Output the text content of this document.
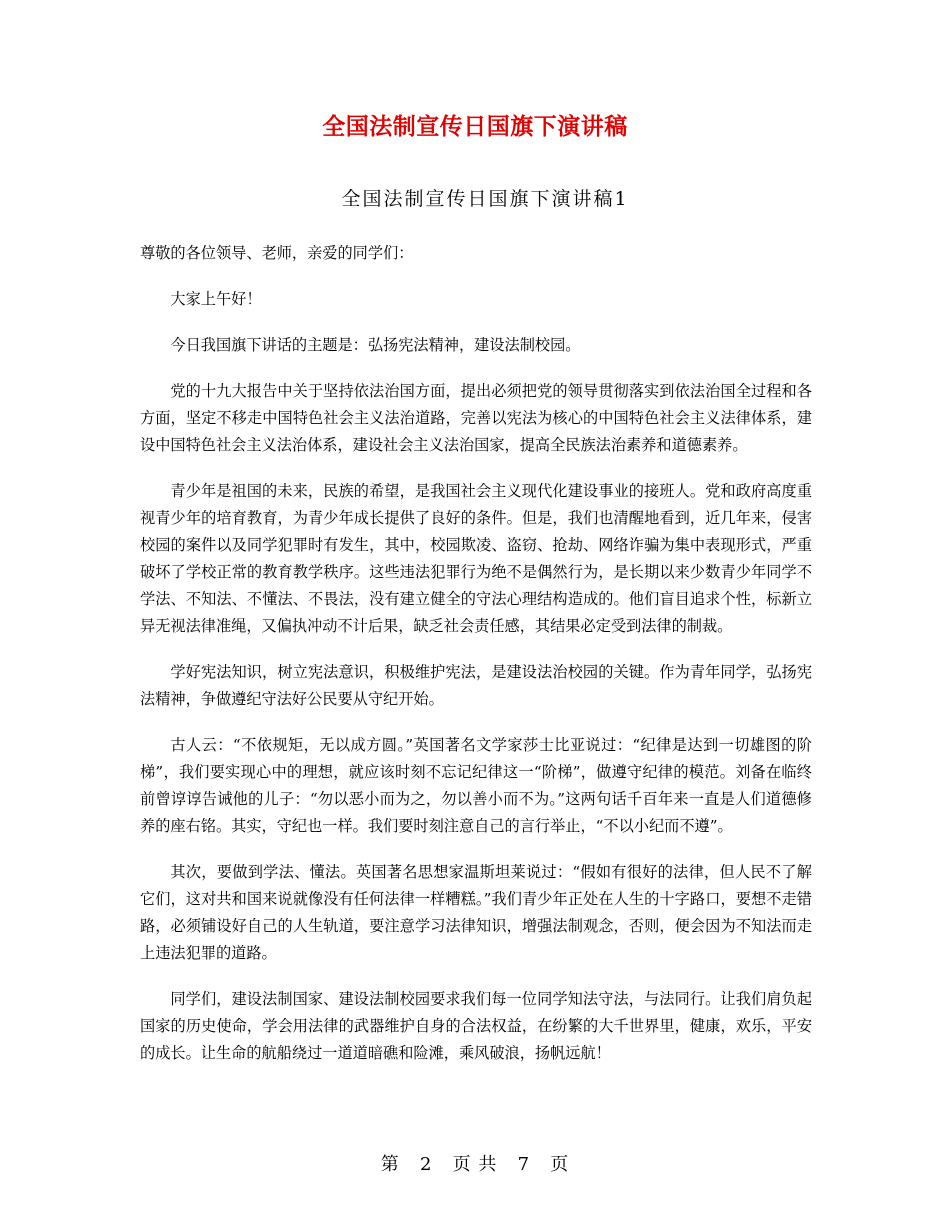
全国法制宣传日国旗下演讲稿
全国法制宣传日国旗下演讲稿1

尊敬的各位领导、老师，亲爱的同学们：

大家上午好！

今日我国旗下讲话的主题是：弘扬宪法精神，建设法制校园。

党的十九大报告中关于坚持依法治国方面，提出必须把党的领导贯彻落实到依法治国全过程和各方面，坚定不移走中国特色社会主义法治道路，完善以宪法为核心的中国特色社会主义法律体系，建设中国特色社会主义法治体系，建设社会主义法治国家，提高全民族法治素养和道德素养。

青少年是祖国的未来，民族的希望，是我国社会主义现代化建设事业的接班人。党和政府高度重视青少年的培育教育，为青少年成长提供了良好的条件。但是，我们也清醒地看到，近几年来，侵害校园的案件以及同学犯罪时有发生，其中，校园欺凌、盗窃、抢劫、网络诈骗为集中表现形式，严重破坏了学校正常的教育教学秩序。这些违法犯罪行为绝不是偶然行为，是长期以来少数青少年同学不学法、不知法、不懂法、不畏法，没有建立健全的守法心理结构造成的。他们盲目追求个性，标新立异无视法律准绳，又偏执冲动不计后果，缺乏社会责任感，其结果必定受到法律的制裁。

学好宪法知识，树立宪法意识，积极维护宪法，是建设法治校园的关键。作为青年同学，弘扬宪法精神，争做遵纪守法好公民要从守纪开始。

古人云：“不依规矩，无以成方圆。”英国著名文学家莎士比亚说过：“纪律是达到一切雄图的阶梯”，我们要实现心中的理想，就应该时刻不忘记纪律这一“阶梯”，做遵守纪律的模范。刘备在临终前曾谆谆告诫他的儿子：“勿以恶小而为之，勿以善小而不为。”这两句话千百年来一直是人们道德修养的座右铭。其实，守纪也一样。我们要时刻注意自己的言行举止，“不以小纪而不遵”。

其次，要做到学法、懂法。英国著名思想家温斯坦莱说过：“假如有很好的法律，但人民不了解它们，这对共和国来说就像没有任何法律一样糟糕。”我们青少年正处在人生的十字路口，要想不走错路，必须铺设好自己的人生轨道，要注意学习法律知识，增强法制观念，否则，便会因为不知法而走上违法犯罪的道路。

同学们，建设法制国家、建设法制校园要求我们每一位同学知法守法，与法同行。让我们肩负起国家的历史使命，学会用法律的武器维护自身的合法权益，在纷繁的大千世界里，健康，欢乐，平安的成长。让生命的航船绕过一道道暗礁和险滩，乘风破浪，扬帆远航！

第 2 页 共 7 页
